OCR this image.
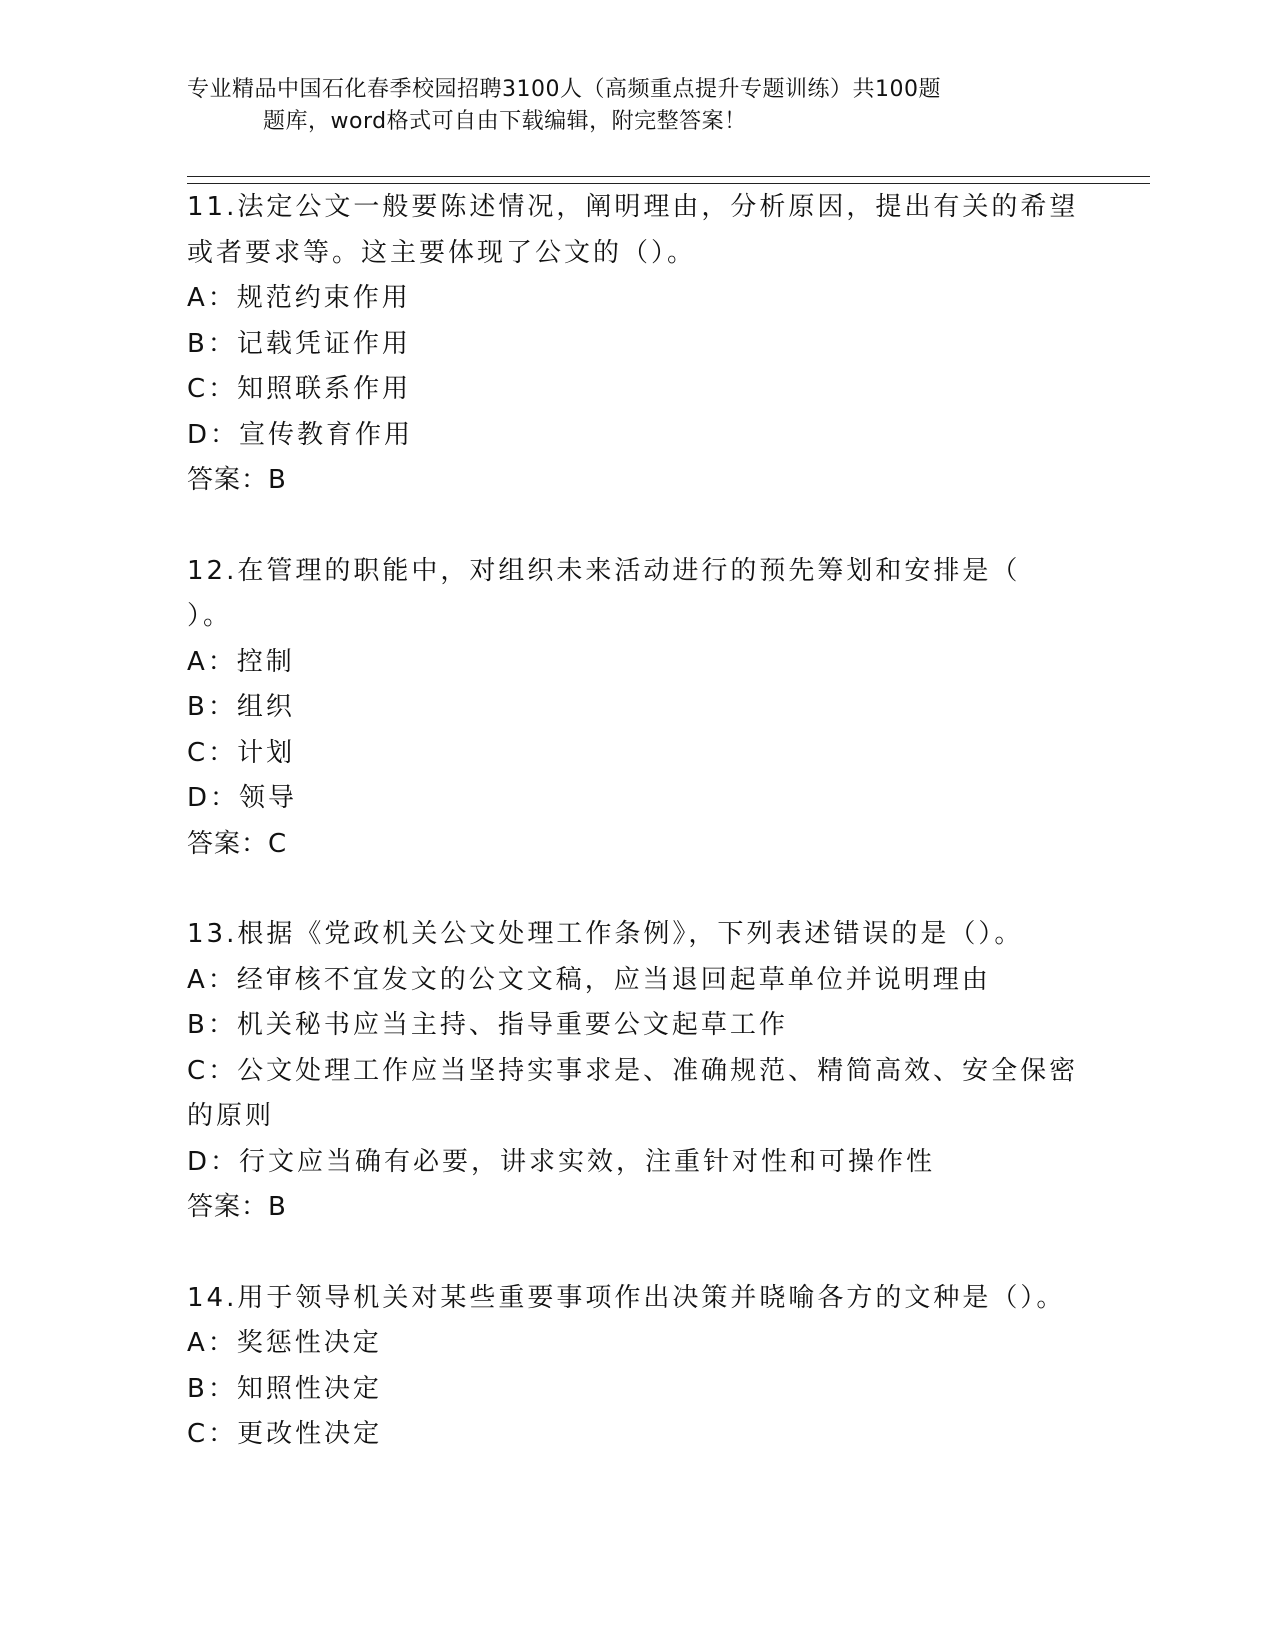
专业精品中国石化春季校园招聘3100人（高频重点提升专题训练）共100题
题库，word格式可自由下载编辑，附完整答案！
11.法定公文一般要陈述情况，阐明理由，分析原因，提出有关的希望
或者要求等。这主要体现了公文的（）。
A：规范约束作用
B：记载凭证作用
C：知照联系作用
D：宣传教育作用
答案：B
12.在管理的职能中，对组织未来活动进行的预先筹划和安排是（
）。
A：控制
B：组织
C：计划
D：领导
答案：C
13.根据《党政机关公文处理工作条例》，下列表述错误的是（）。
A：经审核不宜发文的公文文稿，应当退回起草单位并说明理由
B：机关秘书应当主持、指导重要公文起草工作
C：公文处理工作应当坚持实事求是、准确规范、精简高效、安全保密
的原则
D：行文应当确有必要，讲求实效，注重针对性和可操作性
答案：B
14.用于领导机关对某些重要事项作出决策并晓喻各方的文种是（）。
A：奖惩性决定
B：知照性决定
C：更改性决定
